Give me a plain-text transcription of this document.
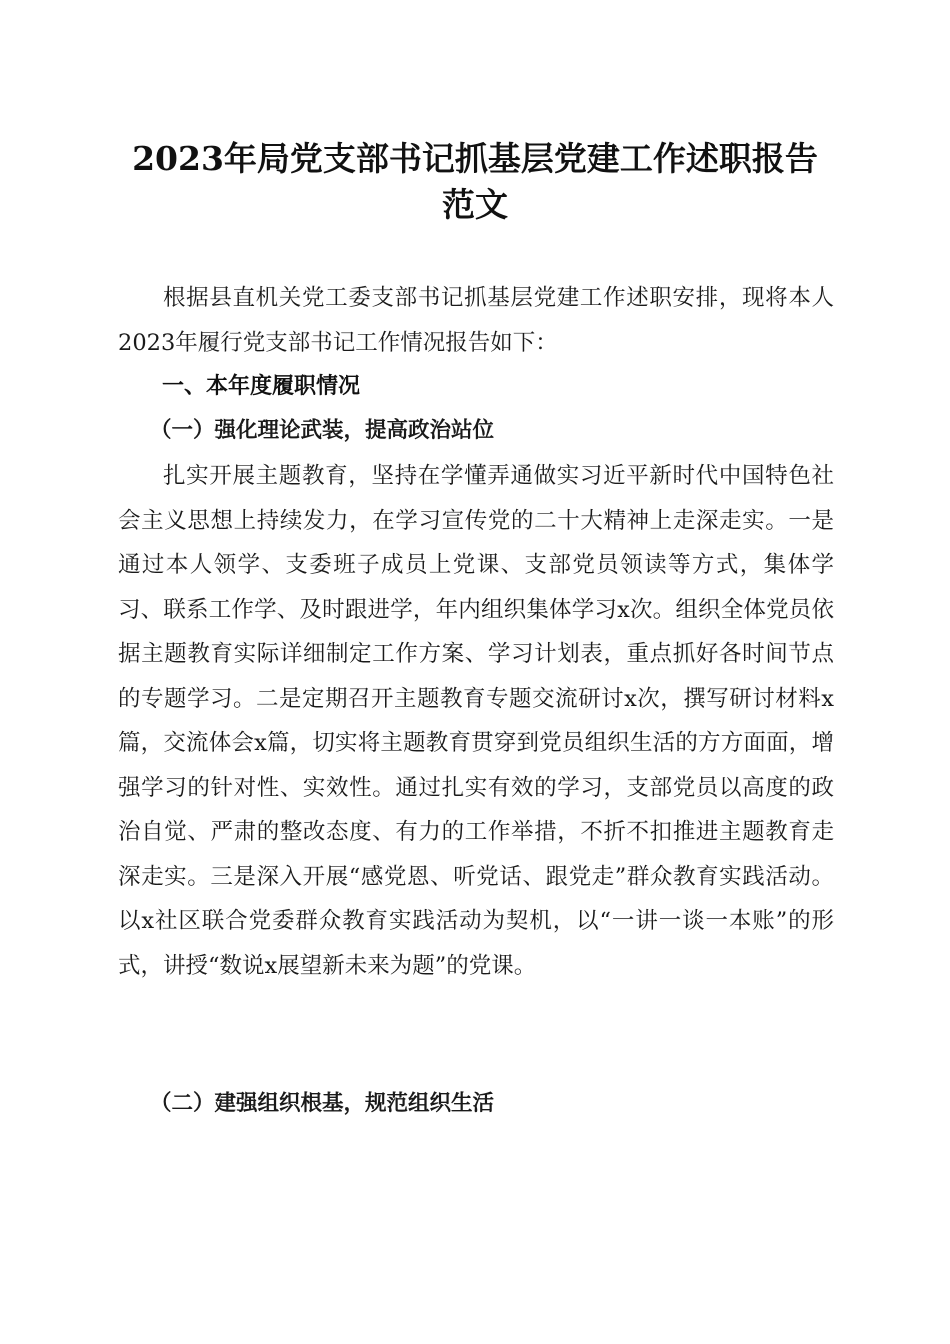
2023年局党支部书记抓基层党建工作述职报告范文

根据县直机关党工委支部书记抓基层党建工作述职安排，现将本人2023年履行党支部书记工作情况报告如下：

一、本年度履职情况
（一）强化理论武装，提高政治站位

扎实开展主题教育，坚持在学懂弄通做实习近平新时代中国特色社会主义思想上持续发力，在学习宣传党的二十大精神上走深走实。一是通过本人领学、支委班子成员上党课、支部党员领读等方式，集体学习、联系工作学、及时跟进学，年内组织集体学习x次。组织全体党员依据主题教育实际详细制定工作方案、学习计划表，重点抓好各时间节点的专题学习。二是定期召开主题教育专题交流研讨x次，撰写研讨材料x篇，交流体会x篇，切实将主题教育贯穿到党员组织生活的方方面面，增强学习的针对性、实效性。通过扎实有效的学习，支部党员以高度的政治自觉、严肃的整改态度、有力的工作举措，不折不扣推进主题教育走深走实。三是深入开展“感党恩、听党话、跟党走”群众教育实践活动。以x社区联合党委群众教育实践活动为契机，以“一讲一谈一本账”的形式，讲授“数说x展望新未来为题”的党课。

（二）建强组织根基，规范组织生活
